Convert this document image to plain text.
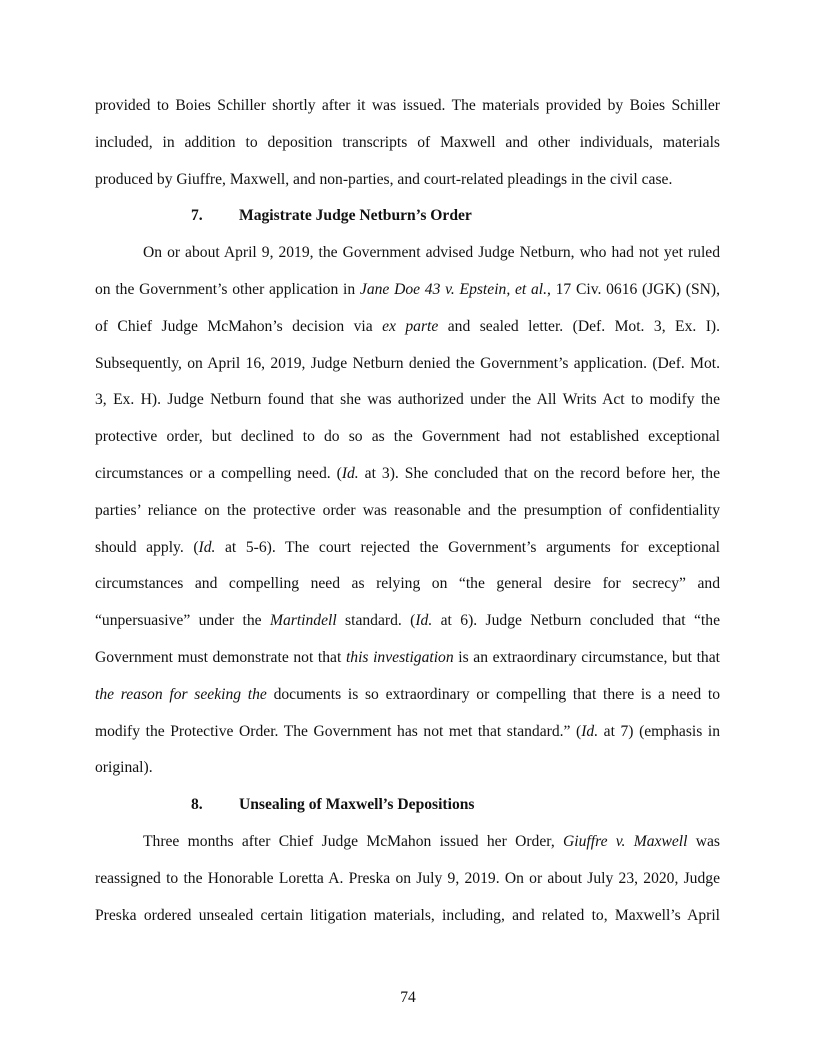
provided to Boies Schiller shortly after it was issued. The materials provided by Boies Schiller
included, in addition to deposition transcripts of Maxwell and other individuals, materials
produced by Giuffre, Maxwell, and non-parties, and court-related pleadings in the civil case.
7. Magistrate Judge Netburn’s Order
On or about April 9, 2019, the Government advised Judge Netburn, who had not yet ruled
on the Government’s other application in Jane Doe 43 v. Epstein, et al., 17 Civ. 0616 (JGK) (SN),
of Chief Judge McMahon’s decision via ex parte and sealed letter. (Def. Mot. 3, Ex. I).
Subsequently, on April 16, 2019, Judge Netburn denied the Government’s application. (Def. Mot.
3, Ex. H). Judge Netburn found that she was authorized under the All Writs Act to modify the
protective order, but declined to do so as the Government had not established exceptional
circumstances or a compelling need. (Id. at 3). She concluded that on the record before her, the
parties’ reliance on the protective order was reasonable and the presumption of confidentiality
should apply. (Id. at 5-6). The court rejected the Government’s arguments for exceptional
circumstances and compelling need as relying on “the general desire for secrecy” and
“unpersuasive” under the Martindell standard. (Id. at 6). Judge Netburn concluded that “the
Government must demonstrate not that this investigation is an extraordinary circumstance, but that
the reason for seeking the documents is so extraordinary or compelling that there is a need to
modify the Protective Order. The Government has not met that standard.” (Id. at 7) (emphasis in
original).
8. Unsealing of Maxwell’s Depositions
Three months after Chief Judge McMahon issued her Order, Giuffre v. Maxwell was
reassigned to the Honorable Loretta A. Preska on July 9, 2019. On or about July 23, 2020, Judge
Preska ordered unsealed certain litigation materials, including, and related to, Maxwell’s April
74
